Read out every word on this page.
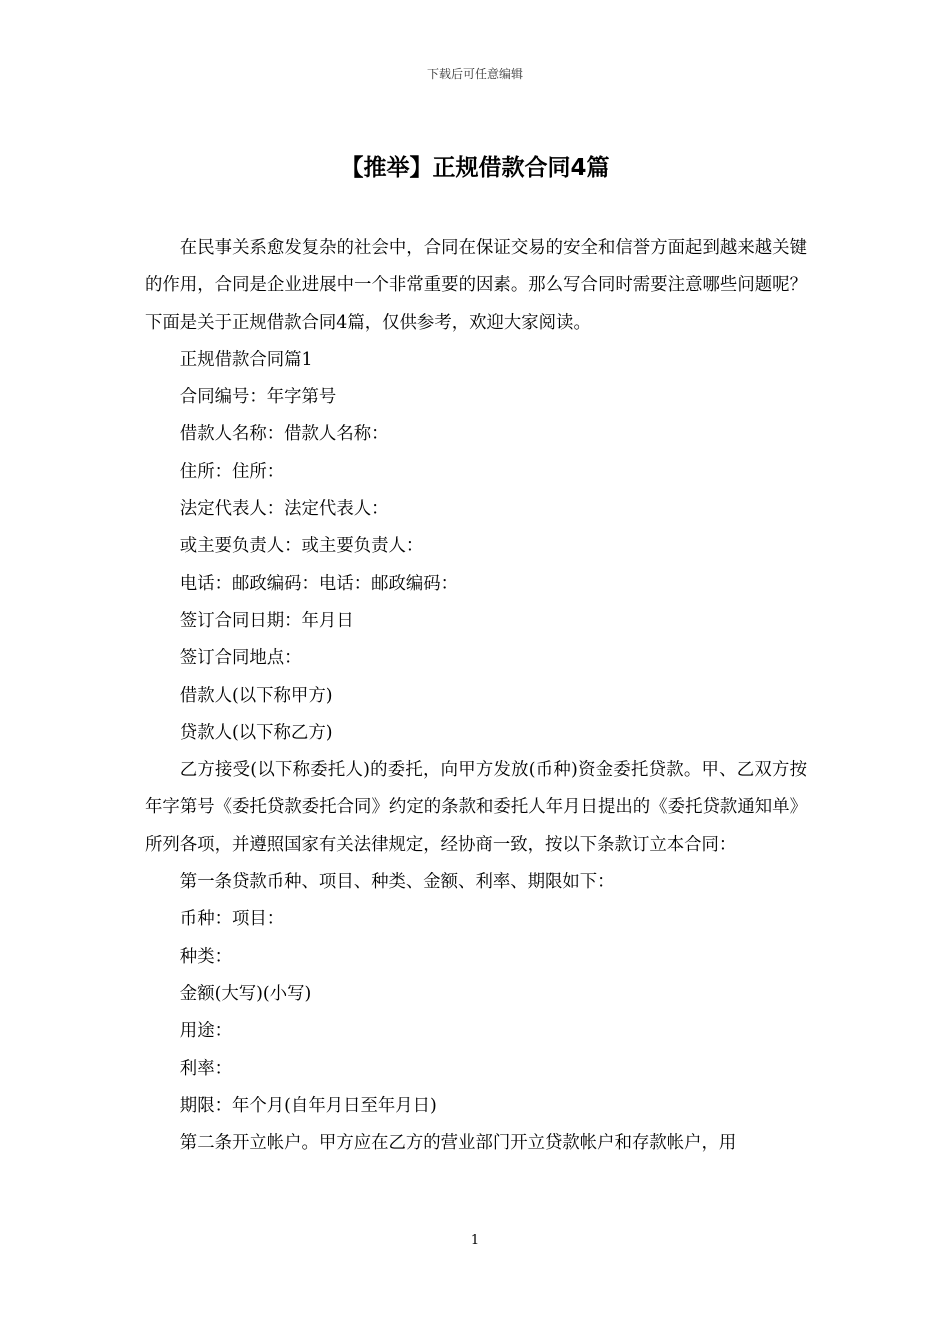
下载后可任意编辑
【推举】正规借款合同4篇

在民事关系愈发复杂的社会中，合同在保证交易的安全和信誉方面起到越来越关键的作用，合同是企业进展中一个非常重要的因素。那么写合同时需要注意哪些问题呢？下面是关于正规借款合同4篇，仅供参考，欢迎大家阅读。

正规借款合同篇1

合同编号：年字第号

借款人名称：借款人名称：

住所：住所：

法定代表人：法定代表人：

或主要负责人：或主要负责人：

电话：邮政编码：电话：邮政编码：

签订合同日期：年月日

签订合同地点：

借款人(以下称甲方)

贷款人(以下称乙方)

乙方接受(以下称委托人)的委托，向甲方发放(币种)资金委托贷款。甲、乙双方按年字第号《委托贷款委托合同》约定的条款和委托人年月日提出的《委托贷款通知单》所列各项，并遵照国家有关法律规定，经协商一致，按以下条款订立本合同：

第一条贷款币种、项目、种类、金额、利率、期限如下：

币种：项目：

种类：

金额(大写)(小写)

用途：

利率：

期限：年个月(自年月日至年月日)

第二条开立帐户。甲方应在乙方的营业部门开立贷款帐户和存款帐户，用

1
